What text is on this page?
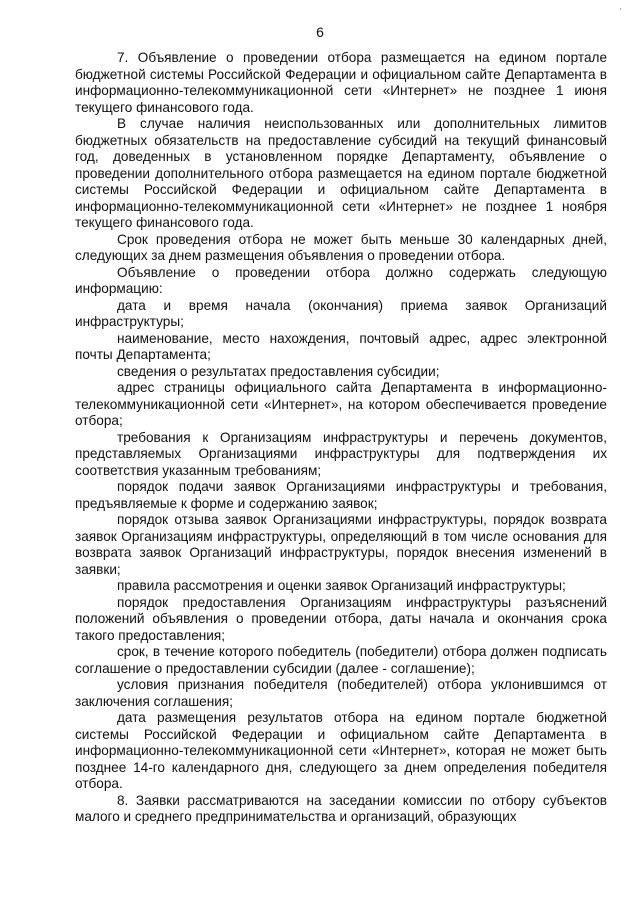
6
'

7. Объявление о проведении отбора размещается на едином портале бюджетной системы Российской Федерации и официальном сайте Департамента в информационно-телекоммуникационной сети «Интернет» не позднее 1 июня текущего финансового года.

В случае наличия неиспользованных или дополнительных лимитов бюджетных обязательств на предоставление субсидий на текущий финансовый год, доведенных в установленном порядке Департаменту, объявление о проведении дополнительного отбора размещается на едином портале бюджетной системы Российской Федерации и официальном сайте Департамента в информационно-телекоммуникационной сети «Интернет» не позднее 1 ноября текущего финансового года.

Срок проведения отбора не может быть меньше 30 календарных дней, следующих за днем размещения объявления о проведении отбора.

Объявление о проведении отбора должно содержать следующую информацию:

дата и время начала (окончания) приема заявок Организаций инфраструктуры;

наименование, место нахождения, почтовый адрес, адрес электронной почты Департамента;

сведения о результатах предоставления субсидии;

адрес страницы официального сайта Департамента в информационно-телекоммуникационной сети «Интернет», на котором обеспечивается проведение отбора;

требования к Организациям инфраструктуры и перечень документов, представляемых Организациями инфраструктуры для подтверждения их соответствия указанным требованиям;

порядок подачи заявок Организациями инфраструктуры и требования, предъявляемые к форме и содержанию заявок;

порядок отзыва заявок Организациями инфраструктуры, порядок возврата заявок Организациям инфраструктуры, определяющий в том числе основания для возврата заявок Организаций инфраструктуры, порядок внесения изменений в заявки;

правила рассмотрения и оценки заявок Организаций инфраструктуры;

порядок предоставления Организациям инфраструктуры разъяснений положений объявления о проведении отбора, даты начала и окончания срока такого предоставления;

срок, в течение которого победитель (победители) отбора должен подписать соглашение о предоставлении субсидии (далее - соглашение);

условия признания победителя (победителей) отбора уклонившимся от заключения соглашения;

дата размещения результатов отбора на едином портале бюджетной системы Российской Федерации и официальном сайте Департамента в информационно-телекоммуникационной сети «Интернет», которая не может быть позднее 14-го календарного дня, следующего за днем определения победителя отбора.

8. Заявки рассматриваются на заседании комиссии по отбору субъектов малого и среднего предпринимательства и организаций, образующих
